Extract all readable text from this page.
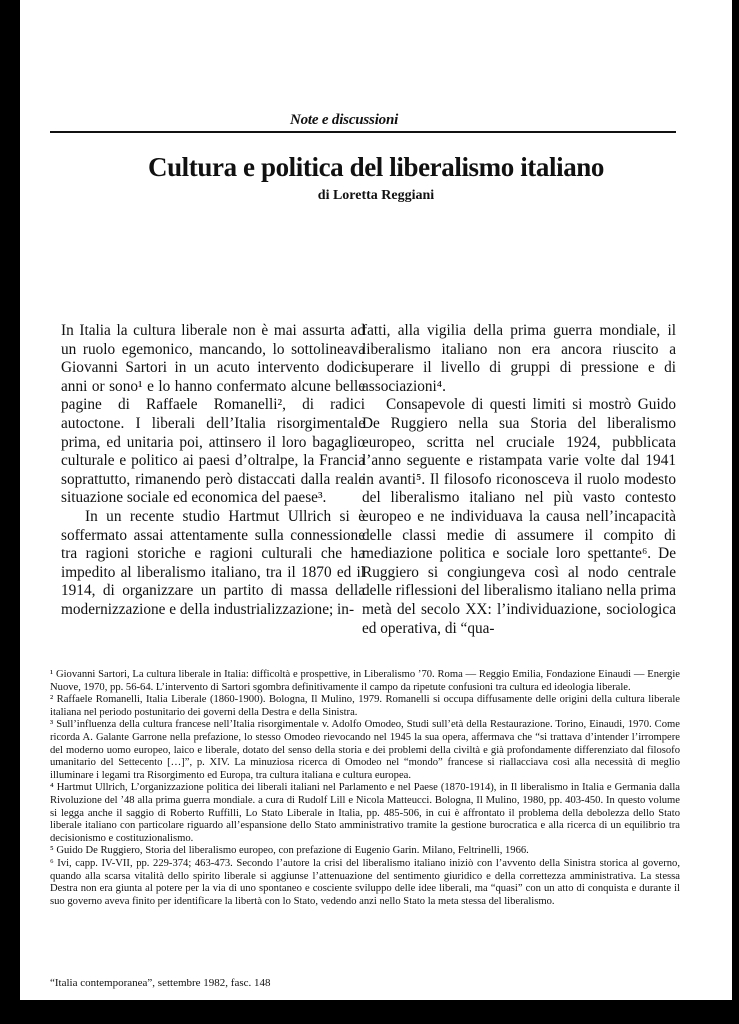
Note e discussioni
Cultura e politica del liberalismo italiano
di Loretta Reggiani

In Italia la cultura liberale non è mai assurta ad un ruolo egemonico, mancando, lo sottolineava Giovanni Sartori in un acuto intervento dodici anni or sono¹ e lo hanno confermato alcune belle pagine di Raffaele Romanelli², di radici autoctone. I liberali dell’Italia risorgimentale prima, ed unitaria poi, attinsero il loro bagaglio culturale e politico ai paesi d’oltralpe, la Francia soprattutto, rimanendo però distaccati dalla reale situazione sociale ed economica del paese³.

In un recente studio Hartmut Ullrich si è soffermato assai attentamente sulla connessione tra ragioni storiche e ragioni culturali che ha impedito al liberalismo italiano, tra il 1870 ed il 1914, di organizzare un partito di massa della modernizzazione e della industrializzazione; in-

fatti, alla vigilia della prima guerra mondiale, il liberalismo italiano non era ancora riuscito a superare il livello di gruppi di pressione e di associazioni⁴.

Consapevole di questi limiti si mostrò Guido De Ruggiero nella sua Storia del liberalismo europeo, scritta nel cruciale 1924, pubblicata l’anno seguente e ristampata varie volte dal 1941 in avanti⁵. Il filosofo riconosceva il ruolo modesto del liberalismo italiano nel più vasto contesto europeo e ne individuava la causa nell’incapacità delle classi medie di assumere il compito di mediazione politica e sociale loro spettante⁶. De Ruggiero si congiungeva così al nodo centrale delle riflessioni del liberalismo italiano nella prima metà del secolo XX: l’individuazione, sociologica ed operativa, di “qua-

¹ Giovanni Sartori, La cultura liberale in Italia: difficoltà e prospettive, in Liberalismo ’70. Roma — Reggio Emilia, Fondazione Einaudi — Energie Nuove, 1970, pp. 56-64. L’intervento di Sartori sgombra definitivamente il campo da ripetute confusioni tra cultura ed ideologia liberale.

² Raffaele Romanelli, Italia Liberale (1860-1900). Bologna, Il Mulino, 1979. Romanelli si occupa diffusamente delle origini della cultura liberale italiana nel periodo postunitario dei governi della Destra e della Sinistra.

³ Sull’influenza della cultura francese nell’Italia risorgimentale v. Adolfo Omodeo, Studi sull’età della Restaurazione. Torino, Einaudi, 1970. Come ricorda A. Galante Garrone nella prefazione, lo stesso Omodeo rievocando nel 1945 la sua opera, affermava che “si trattava d’intender l’irrompere del moderno uomo europeo, laico e liberale, dotato del senso della storia e dei problemi della civiltà e già profondamente differenziato dal filosofo umanitario del Settecento […]”, p. XIV. La minuziosa ricerca di Omodeo nel “mondo” francese si riallacciava così alla necessità di meglio illuminare i legami tra Risorgimento ed Europa, tra cultura italiana e cultura europea.

⁴ Hartmut Ullrich, L’organizzazione politica dei liberali italiani nel Parlamento e nel Paese (1870-1914), in Il liberalismo in Italia e Germania dalla Rivoluzione del ’48 alla prima guerra mondiale. a cura di Rudolf Lill e Nicola Matteucci. Bologna, Il Mulino, 1980, pp. 403-450. In questo volume si legga anche il saggio di Roberto Ruffilli, Lo Stato Liberale in Italia, pp. 485-506, in cui è affrontato il problema della debolezza dello Stato liberale italiano con particolare riguardo all’espansione dello Stato amministrativo tramite la gestione burocratica e alla ricerca di un equilibrio tra decisionismo e costituzionalismo.

⁵ Guido De Ruggiero, Storia del liberalismo europeo, con prefazione di Eugenio Garin. Milano, Feltrinelli, 1966.

⁶ Ivi, capp. IV-VII, pp. 229-374; 463-473. Secondo l’autore la crisi del liberalismo italiano iniziò con l’avvento della Sinistra storica al governo, quando alla scarsa vitalità dello spirito liberale si aggiunse l’attenuazione del sentimento giuridico e della correttezza amministrativa. La stessa Destra non era giunta al potere per la via di uno spontaneo e cosciente sviluppo delle idee liberali, ma “quasi” con un atto di conquista e durante il suo governo aveva finito per identificare la libertà con lo Stato, vedendo anzi nello Stato la meta stessa del liberalismo.

“Italia contemporanea”, settembre 1982, fasc. 148
